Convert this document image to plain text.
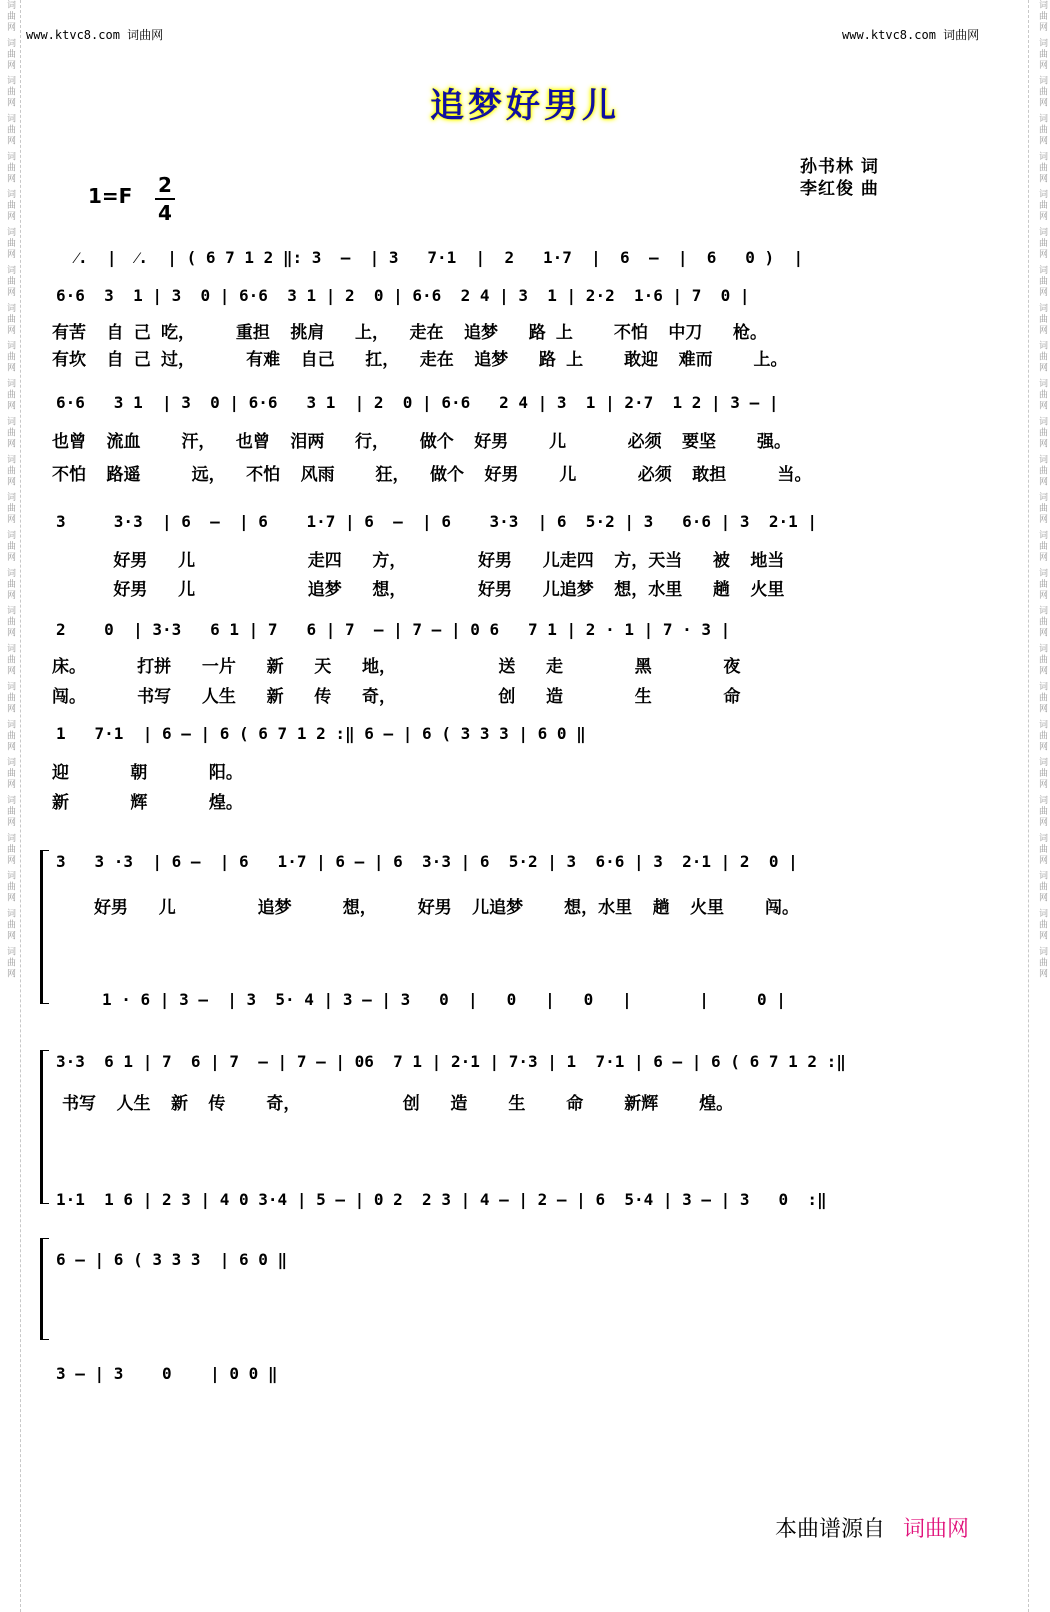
词曲网 词曲网 词曲网 词曲网 词曲网 词曲网 词曲网 词曲网 词曲网 词曲网 词曲网 词曲网 词曲网 词曲网 词曲网 词曲网 词曲网 词曲网 词曲网 词曲网 词曲网 词曲网 词曲网 词曲网 词曲网 词曲网	词曲网 词曲网 词曲网 词曲网 词曲网 词曲网 词曲网 词曲网 词曲网 词曲网 词曲网 词曲网 词曲网 词曲网 词曲网 词曲网 词曲网 词曲网 词曲网 词曲网 词曲网 词曲网 词曲网 词曲网 词曲网 词曲网
www.ktvc8.com 词曲网	www.ktvc8.com 词曲网
追梦好男儿
孙书林 词
李红俊 曲
1=F 2
4
⁄.  |  ⁄.  | ( 6 7 1 2 ‖: 3  –  | 3   7·1  |  2   1·7  |  6  –  |  6   0 )  |
6·6  3  1 | 3  0 | 6·6  3 1 | 2  0 | 6·6  2 4 | 3  1 | 2·2  1·6 | 7  0 |
有苦  自 己 吃，    重担  挑肩   上，  走在  追梦   路 上    不怕  中刀   枪。
有坎  自 己 过，     有难  自己   扛，  走在  追梦   路 上    敢迎  难而    上。
6·6   3 1  | 3  0 | 6·6   3 1  | 2  0 | 6·6   2 4 | 3  1 | 2·7  1 2 | 3 – |
也曾  流血    汗，  也曾  泪两   行，   做个  好男    儿      必须  要坚    强。
不怕  路遥     远，  不怕  风雨    狂，  做个  好男    儿      必须  敢担     当。
3     3·3  | 6  –  | 6    1·7 | 6  –  | 6    3·3  | 6  5·2 | 3   6·6 | 3  2·1 |
好男   儿           走四   方，       好男   儿走四  方，天当   被  地当
好男   儿           追梦   想，       好男   儿追梦  想，水里   趟  火里
2    0  | 3·3   6 1 | 7   6 | 7  – | 7 – | 0 6   7 1 | 2 · 1 | 7 · 3 |
床。     打拼   一片   新   天   地，          送   走       黑       夜
闯。     书写   人生   新   传   奇，          创   造       生       命
1   7·1  | 6 – | 6 ( 6 7 1 2 :‖ 6 – | 6 ( 3 3 3 | 6 0 ‖
迎      朝      阳。
新      辉      煌。
3   3 ·3  | 6 –  | 6   1·7 | 6 – | 6  3·3 | 6  5·2 | 3  6·6 | 3  2·1 | 2  0 |
好男   儿        追梦     想，    好男  儿追梦    想，水里  趟  火里    闯。
1 · 6 | 3 –  | 3  5· 4 | 3 – | 3   0  |   0   |   0   |       |     0 |
3·3  6 1 | 7  6 | 7  – | 7 – | 06  7 1 | 2·1 | 7·3 | 1  7·1 | 6 – | 6 ( 6 7 1 2 :‖
书写  人生  新  传    奇，          创   造    生    命    新辉    煌。
1·1  1 6 | 2 3 | 4 0 3·4 | 5 – | 0 2  2 3 | 4 – | 2 – | 6  5·4 | 3 – | 3   0  :‖
6 – | 6 ( 3 3 3  | 6 0 ‖
3 – | 3    0    | 0 0 ‖
本曲谱源自 词曲网
